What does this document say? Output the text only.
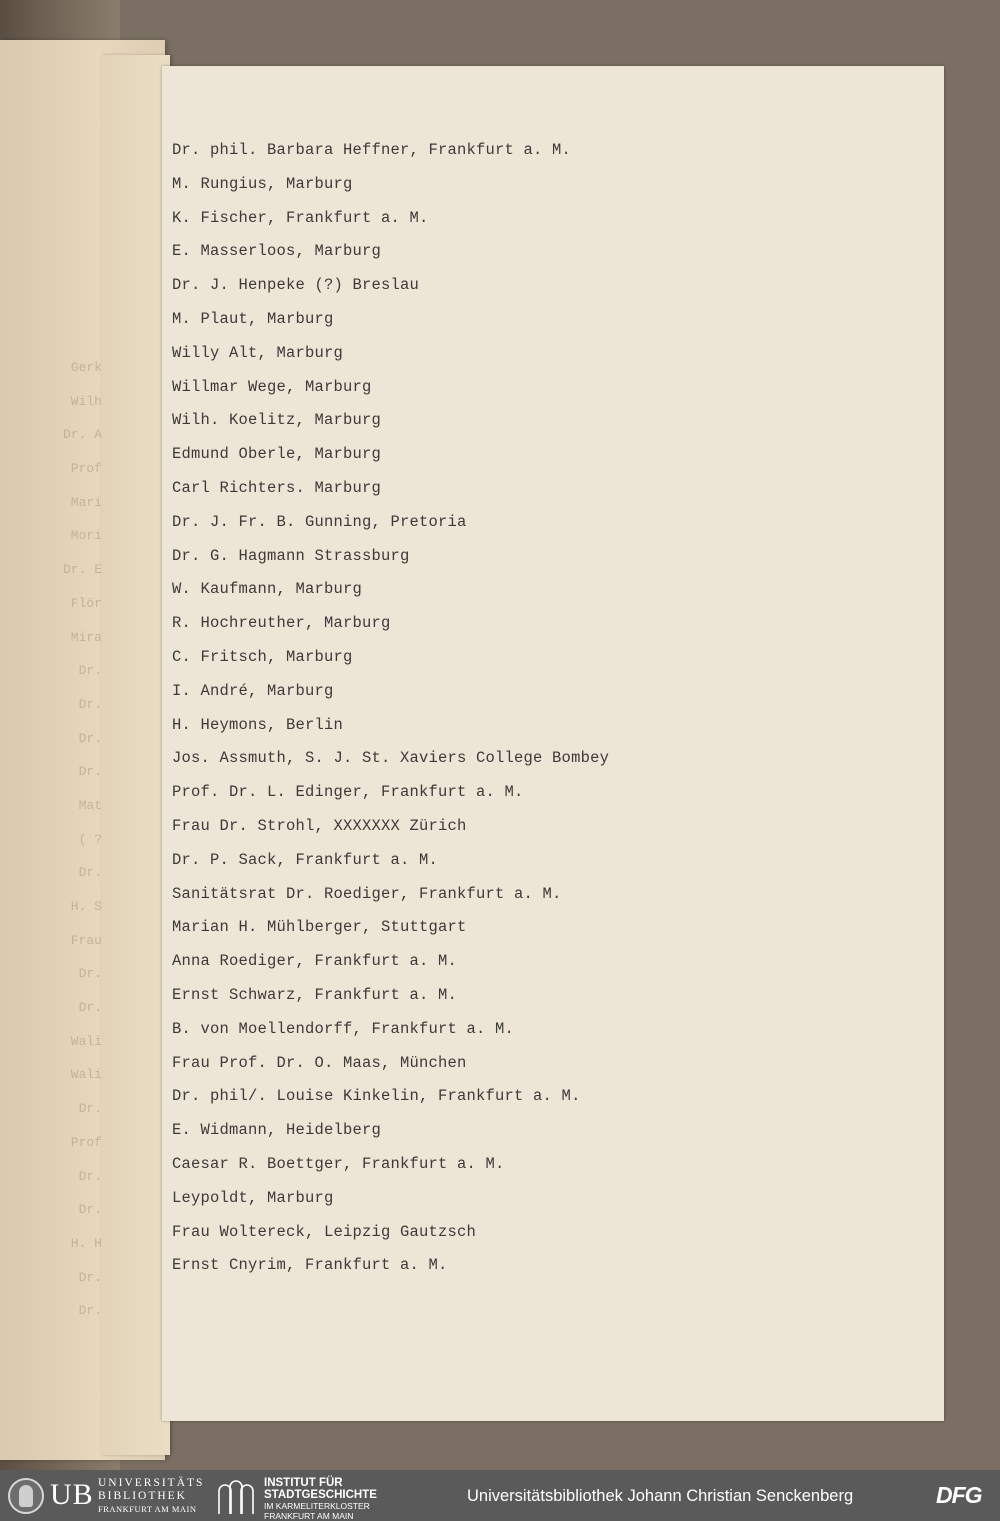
Gerk
Wilh
Dr. A
Prof
Mari
Mori
Dr. E
Flör
Mira
Dr.
Dr.
Dr.
Dr.
Mat
( ?
Dr.
H. S
Frau
Dr.
Dr.
Wali
Wali
Dr.
Prof
Dr.
Dr.
H. H
Dr.
Dr.
Dr. phil. Barbara Heffner, Frankfurt a. M.
M. Rungius, Marburg
K. Fischer, Frankfurt a. M.
E. Masserloos, Marburg
Dr. J. Henpeke (?) Breslau
M. Plaut, Marburg
Willy Alt, Marburg
Willmar Wege, Marburg
Wilh. Koelitz, Marburg
Edmund Oberle, Marburg
Carl Richters. Marburg
Dr. J. Fr. B. Gunning, Pretoria
Dr. G. Hagmann Strassburg
W. Kaufmann, Marburg
R. Hochreuther, Marburg
C. Fritsch, Marburg
I. André, Marburg
H. Heymons, Berlin
Jos. Assmuth, S. J. St. Xaviers College Bombey
Prof. Dr. L. Edinger, Frankfurt a. M.
Frau Dr. Strohl, XXXXXXX Zürich
Dr. P. Sack, Frankfurt a. M.
Sanitätsrat Dr. Roediger, Frankfurt a. M.
Marian H. Mühlberger, Stuttgart
Anna Roediger, Frankfurt a. M.
Ernst Schwarz, Frankfurt a. M.
B. von Moellendorff, Frankfurt a. M.
Frau Prof. Dr. O. Maas, München
Dr. phil/. Louise Kinkelin, Frankfurt a. M.
E. Widmann, Heidelberg
Caesar R. Boettger, Frankfurt a. M.
Leypoldt, Marburg
Frau Woltereck, Leipzig Gautzsch
Ernst Cnyrim, Frankfurt a. M.
UB UNIVERSITÄTS
BIBLIOTHEK
FRANKFURT AM MAIN
INSTITUT FÜR
STADTGESCHICHTE
IM KARMELITERKLOSTER
FRANKFURT AM MAIN
Universitätsbibliothek Johann Christian Senckenberg	DFG
